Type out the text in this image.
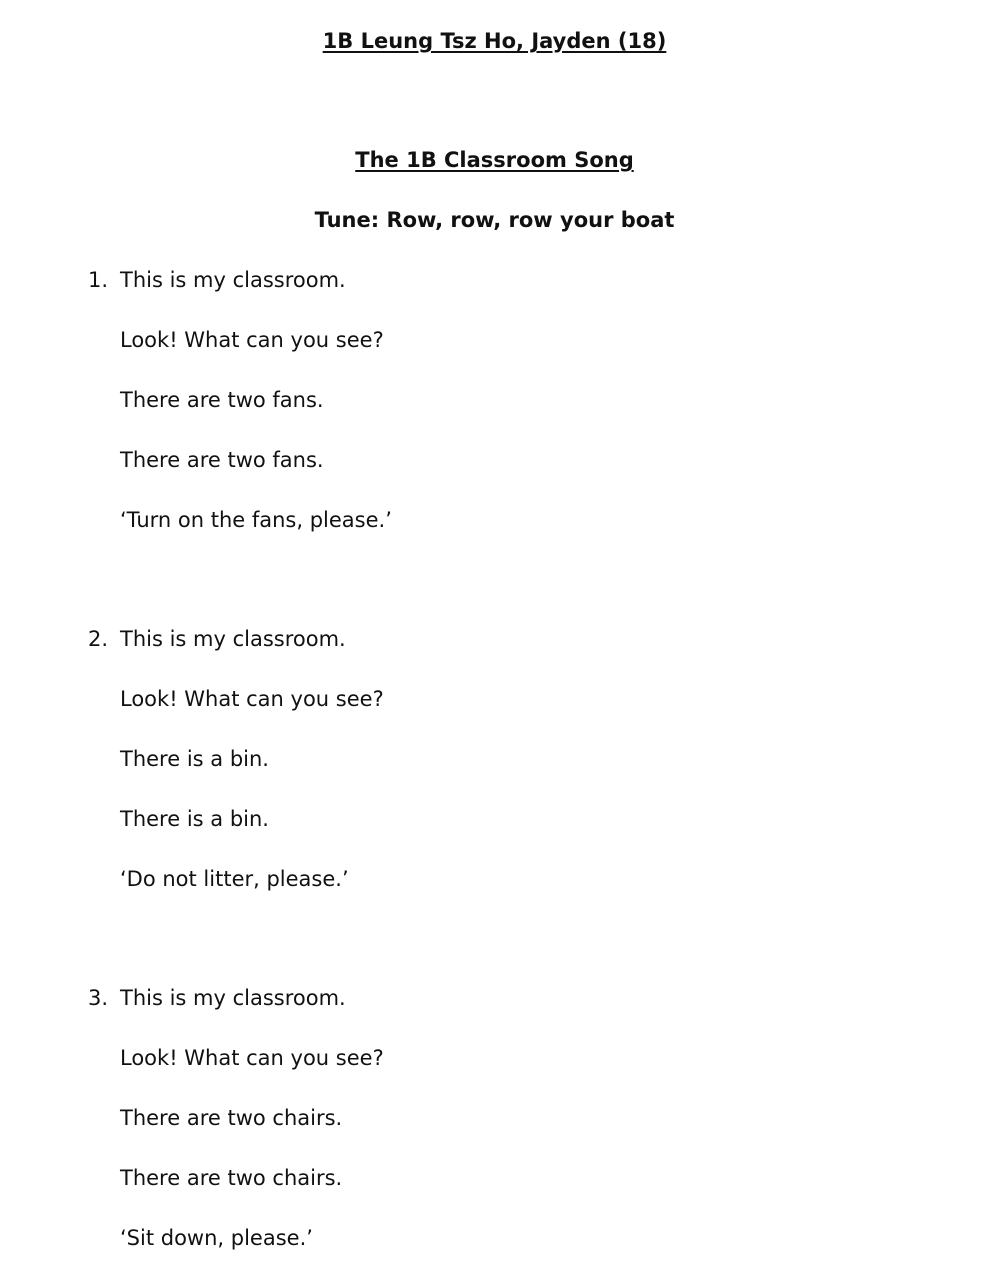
1B Leung Tsz Ho, Jayden (18)
The 1B Classroom Song
Tune: Row, row, row your boat
1. This is my classroom.
Look! What can you see?
There are two fans.
There are two fans.
‘Turn on the fans, please.’
2. This is my classroom.
Look! What can you see?
There is a bin.
There is a bin.
‘Do not litter, please.’
3. This is my classroom.
Look! What can you see?
There are two chairs.
There are two chairs.
‘Sit down, please.’
